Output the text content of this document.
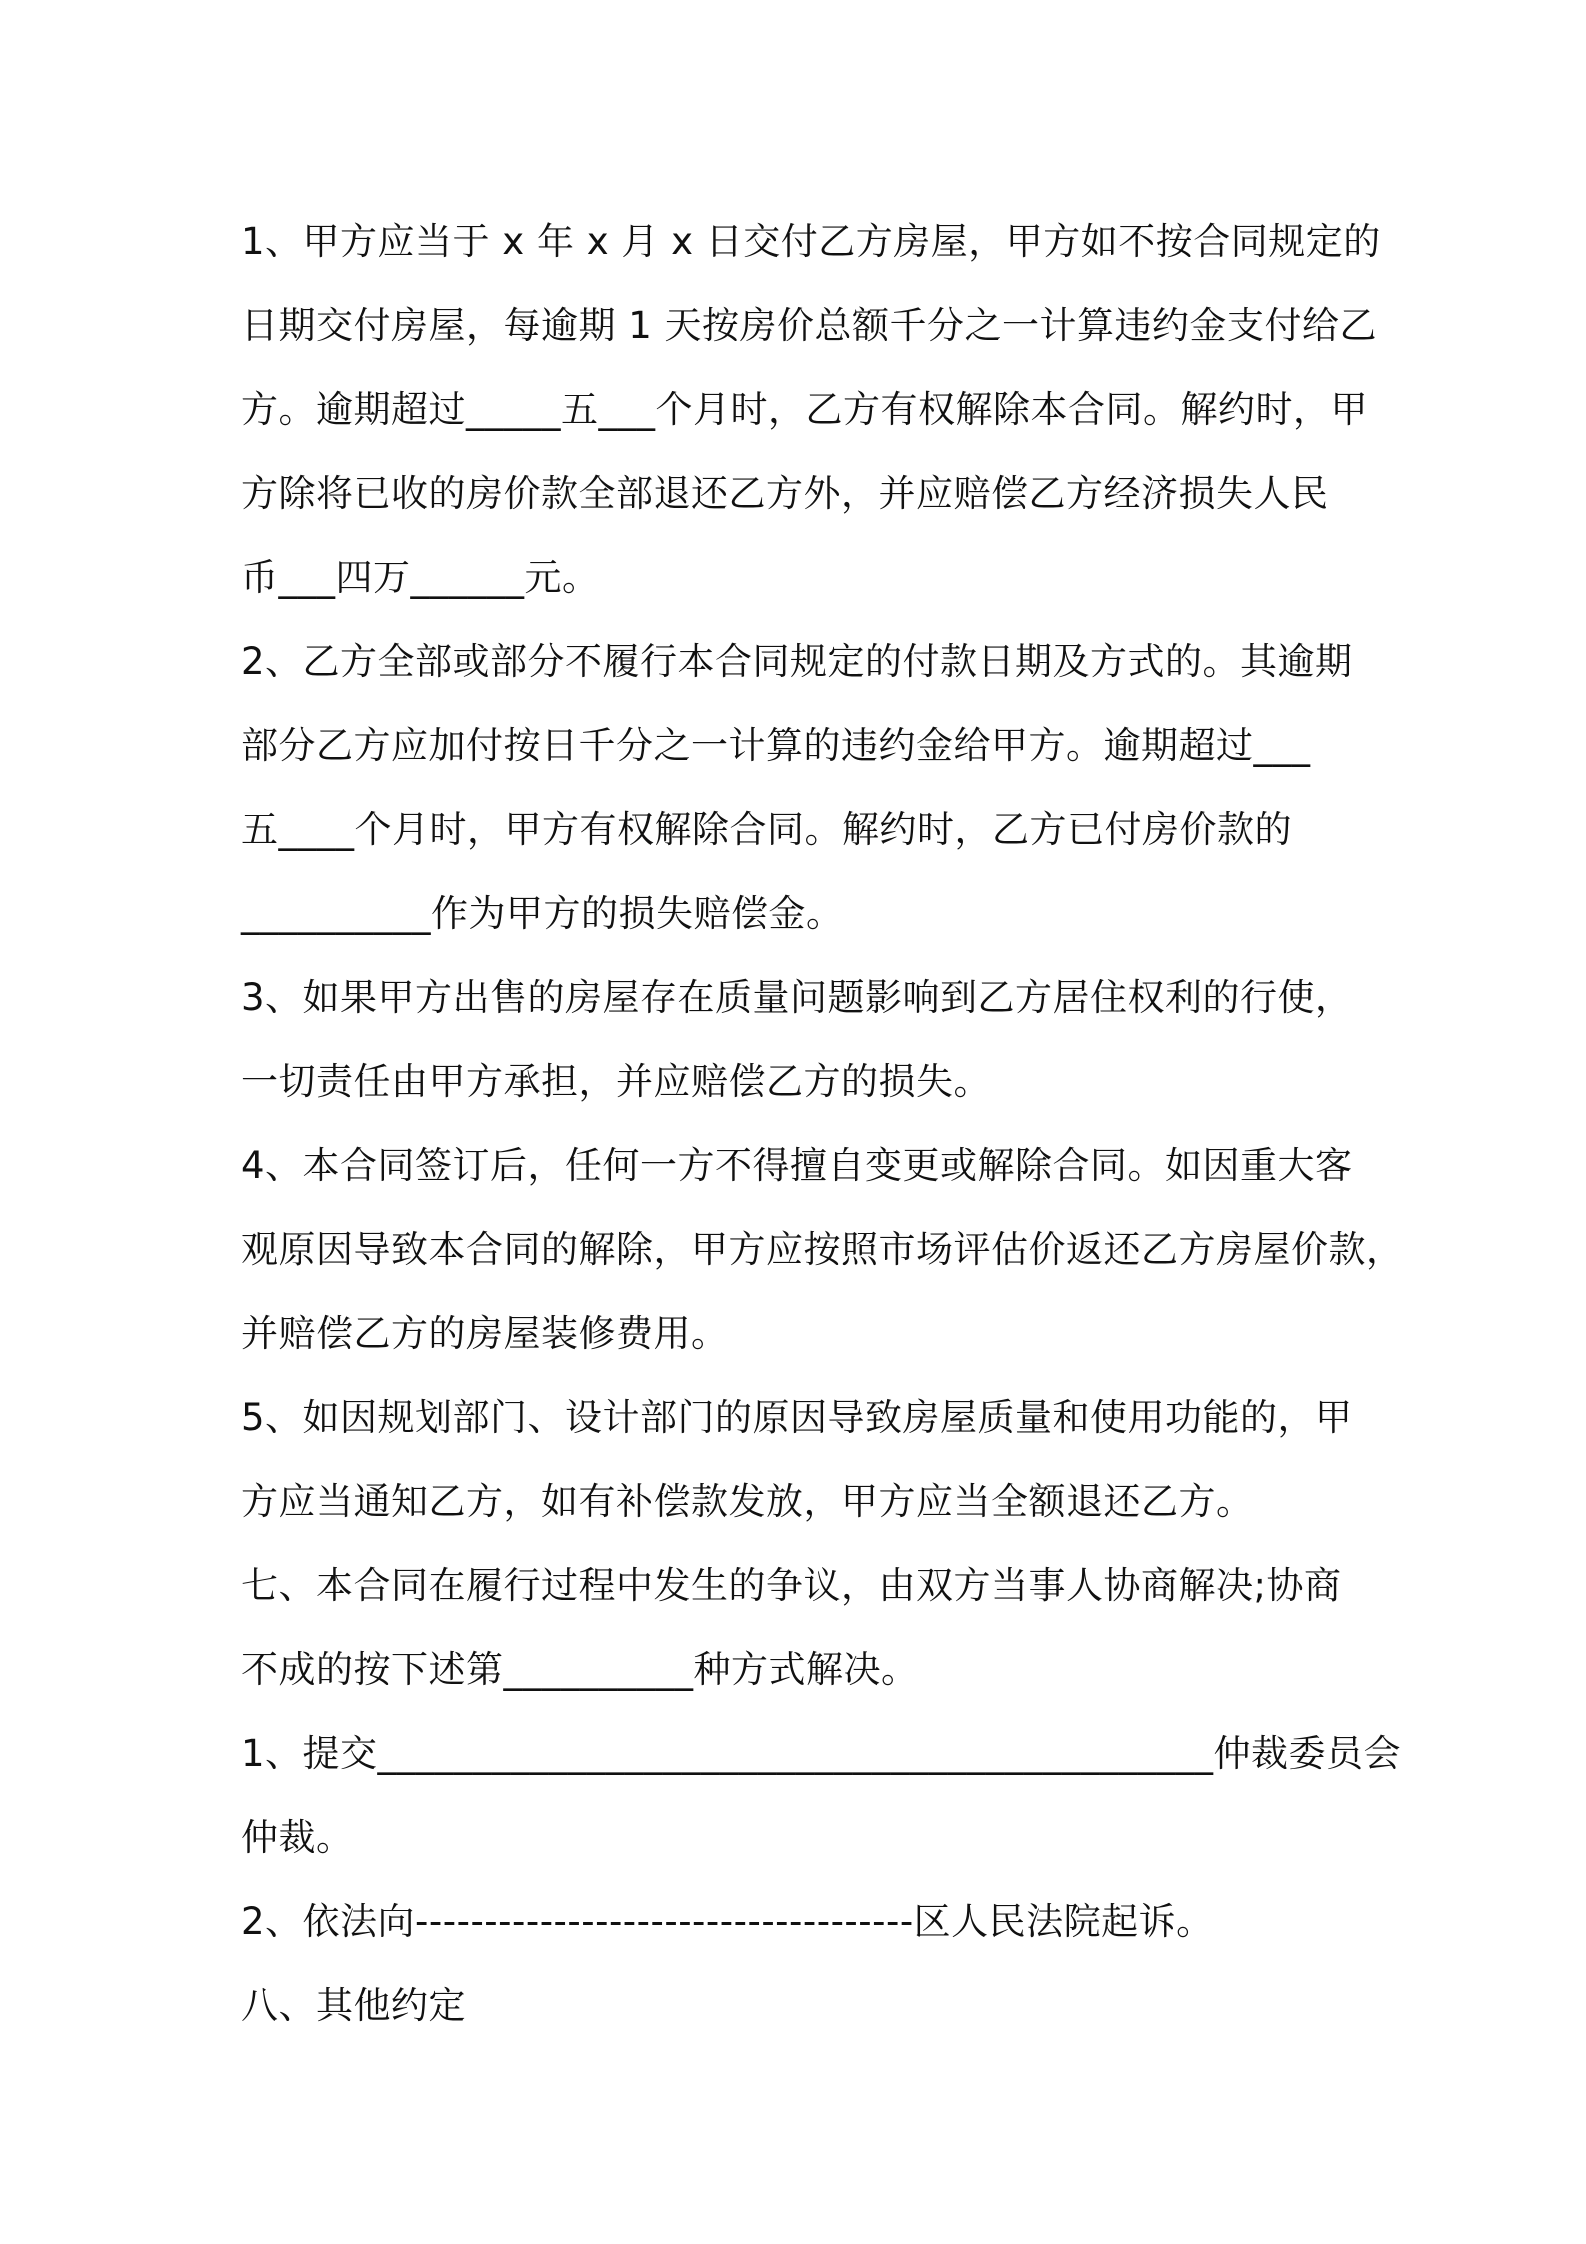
1、甲方应当于 x 年 x 月 x 日交付乙方房屋，甲方如不按合同规定的
日期交付房屋，每逾期 1 天按房价总额千分之一计算违约金支付给乙
方。逾期超过_____五___个月时，乙方有权解除本合同。解约时，甲
方除将已收的房价款全部退还乙方外，并应赔偿乙方经济损失人民
币___四万______元。
2、乙方全部或部分不履行本合同规定的付款日期及方式的。其逾期
部分乙方应加付按日千分之一计算的违约金给甲方。逾期超过___
五____个月时，甲方有权解除合同。解约时，乙方已付房价款的
__________作为甲方的损失赔偿金。
3、如果甲方出售的房屋存在质量问题影响到乙方居住权利的行使，
一切责任由甲方承担，并应赔偿乙方的损失。
4、本合同签订后，任何一方不得擅自变更或解除合同。如因重大客
观原因导致本合同的解除，甲方应按照市场评估价返还乙方房屋价款，
并赔偿乙方的房屋装修费用。
5、如因规划部门、设计部门的原因导致房屋质量和使用功能的，甲
方应当通知乙方，如有补偿款发放，甲方应当全额退还乙方。
七、本合同在履行过程中发生的争议，由双方当事人协商解决;协商
不成的按下述第__________种方式解决。
1、提交____________________________________________仲裁委员会
仲裁。
2、依法向------------------------------------区人民法院起诉。
八、其他约定
